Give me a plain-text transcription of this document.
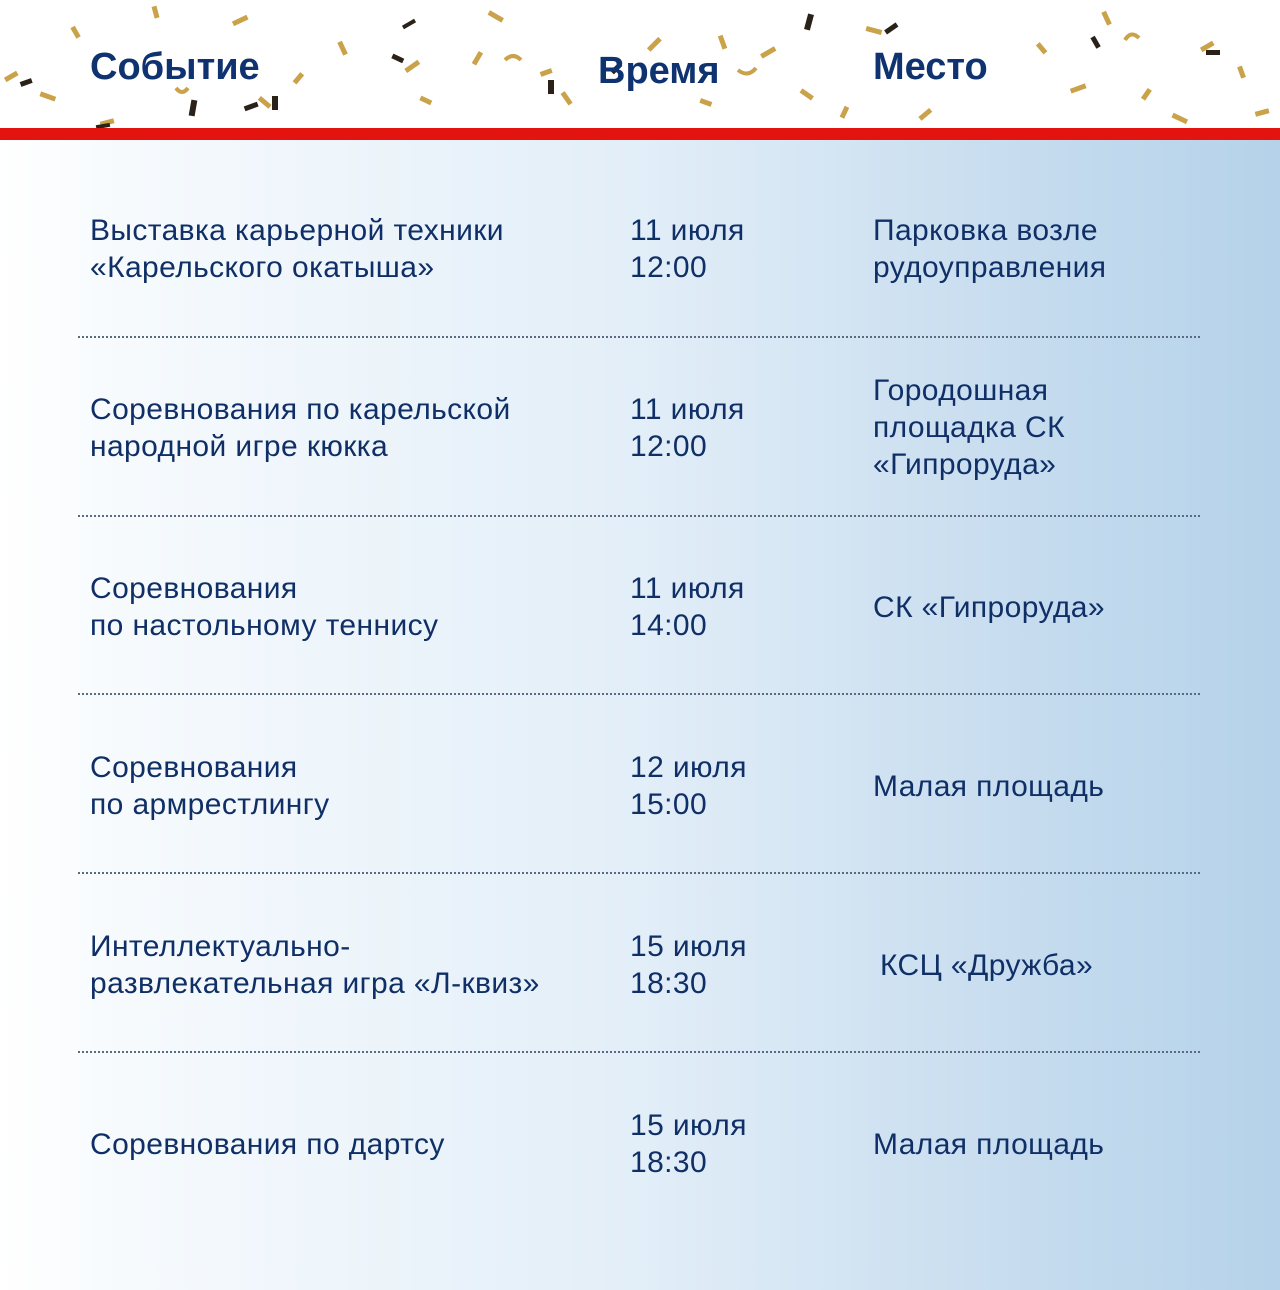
Событие	Время	Место
Выставка карьерной техники
«Карельского окатыша»
11 июля
12:00
Парковка возле
рудоуправления
Соревнования по карельской
народной игре кюкка
11 июля
12:00
Городошная
площадка СК
«Гипроруда»
Соревнования
по настольному теннису
11 июля
14:00
СК «Гипроруда»
Соревнования
по армрестлингу
12 июля
15:00
Малая площадь
Интеллектуально-
развлекательная игра «Л-квиз»
15 июля
18:30
КСЦ «Дружба»
Соревнования по дартсу
15 июля
18:30
Малая площадь
